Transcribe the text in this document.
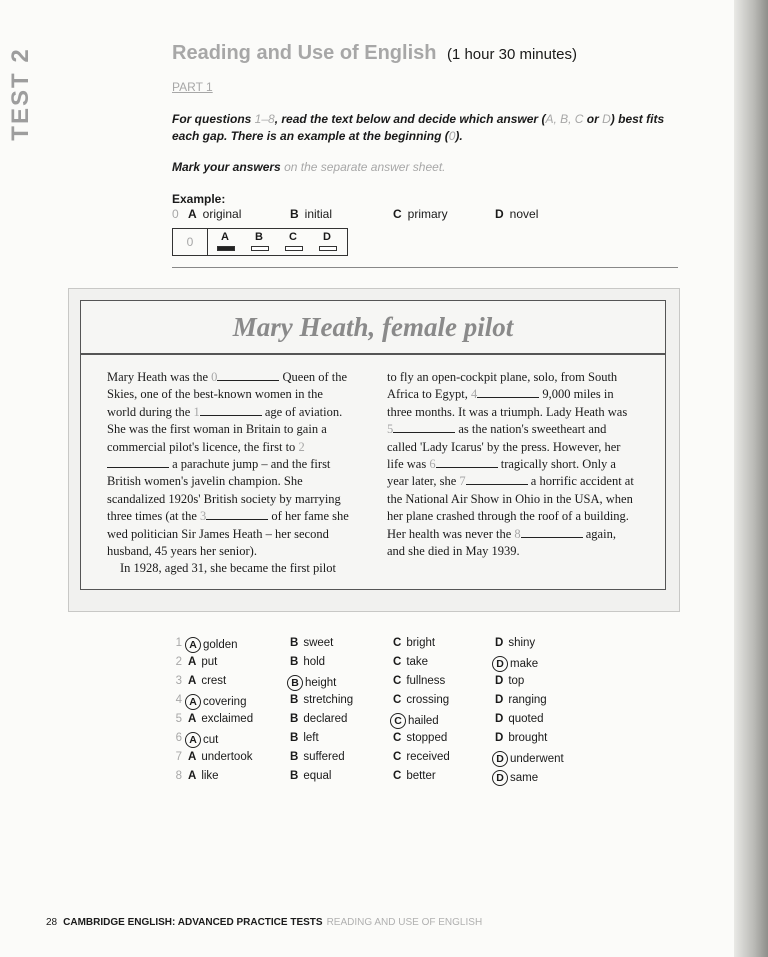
TEST 2	Reading and Use of English (1 hour 30 minutes)
PART 1
For questions 1–8, read the text below and decide which answer (A, B, C or D) best fits each gap. There is an example at the beginning (0).
Mark your answers on the separate answer sheet.
Example:
0 A original	B initial	C primary	D novel
0	A	B	C	D
Mary Heath, female pilot

Mary Heath was the 0	Queen of the Skies, one of the best-known women in the world during the 1	age of aviation. She was the first woman in Britain to gain a commercial pilot's licence, the first to 2 a parachute jump – and the first British women's javelin champion. She scandalized 1920s' British society by marrying three times (at the 3	of her fame she wed politician Sir James Heath – her second husband, 45 years her senior).

In 1928, aged 31, she became the first pilot

to fly an open-cockpit plane, solo, from South Africa to Egypt, 4	9,000 miles in three months. It was a triumph. Lady Heath was 5	as the nation's sweetheart and called 'Lady Icarus' by the press. However, her life was 6	tragically short. Only a year later, she 7	a horrific accident at the National Air Show in Ohio in the USA, when her plane crashed through the roof of a building. Her health was never the 8	again, and she died in May 1939.

1 A golden	B sweet	C bright	D shiny
2 A put	B hold	C take	D make
3 A crest	B height	C fullness	D top
4 A covering	B stretching	C crossing	D ranging
5 A exclaimed	B declared	C hailed	D quoted
6 A cut	B left	C stopped	D brought
7 A undertook	B suffered	C received	D underwent
8 A like	B equal	C better	D same
28 CAMBRIDGE ENGLISH: ADVANCED PRACTICE TESTS READING AND USE OF ENGLISH
